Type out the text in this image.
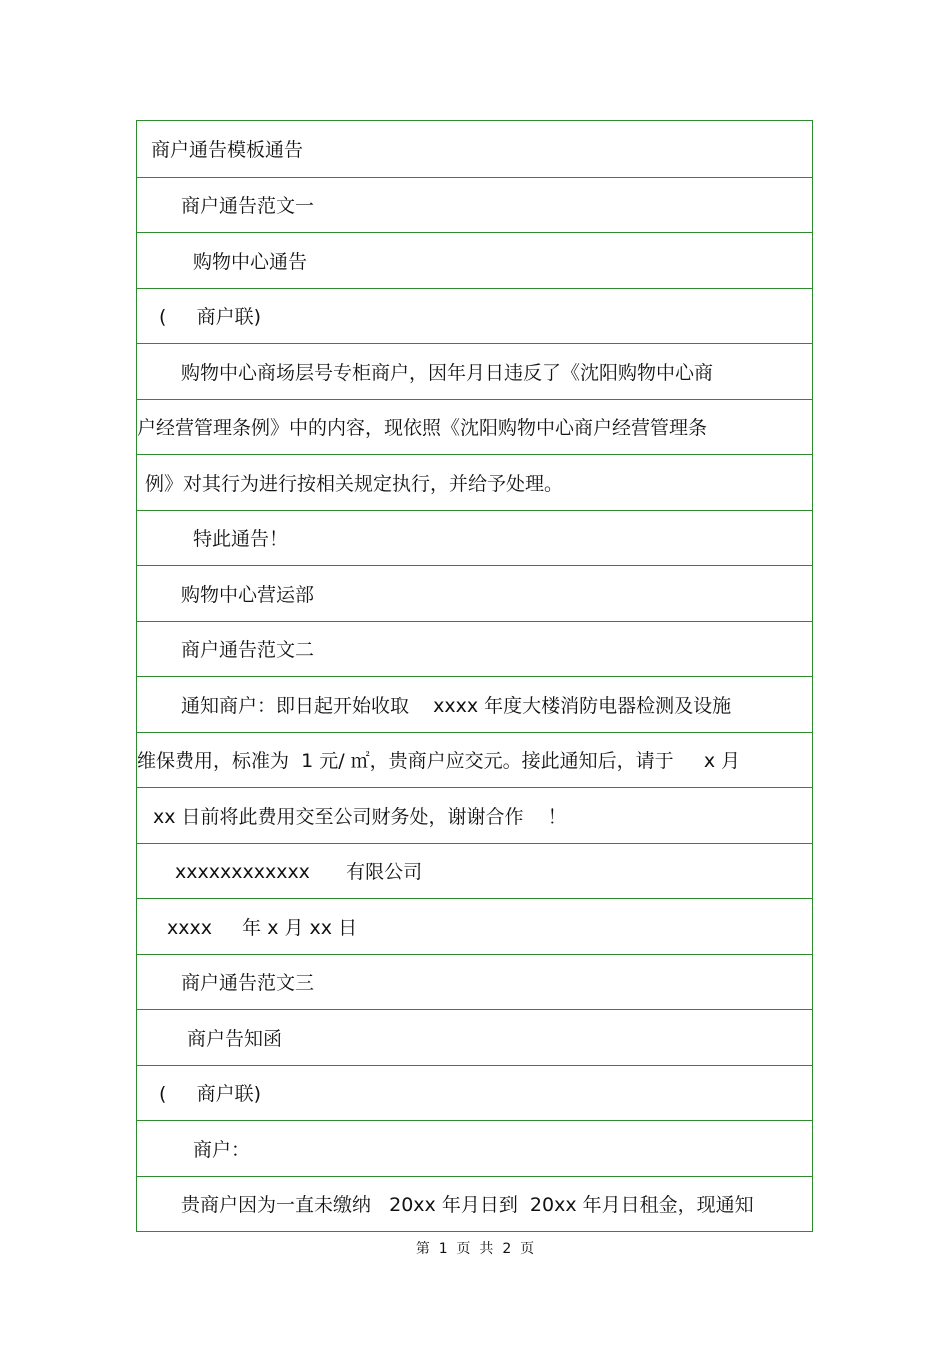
商户通告模板通告
商户通告范文一
购物中心通告
(     商户联)
购物中心商场层号专柜商户，因年月日违反了《沈阳购物中心商
户经营管理条例》中的内容，现依照《沈阳购物中心商户经营管理条
例》对其行为进行按相关规定执行，并给予处理。
特此通告！
购物中心营运部
商户通告范文二
通知商户：即日起开始收取    xxxx 年度大楼消防电器检测及设施
维保费用，标准为  1 元/ ㎡，贵商户应交元。接此通知后，请于     x 月
xx 日前将此费用交至公司财务处，谢谢合作    ！
xxxxxxxxxxxx      有限公司
xxxx     年 x 月 xx 日
商户通告范文三
商户告知函
(     商户联)
商户：
贵商户因为一直未缴纳   20xx 年月日到  20xx 年月日租金，现通知
第  1  页  共  2  页
